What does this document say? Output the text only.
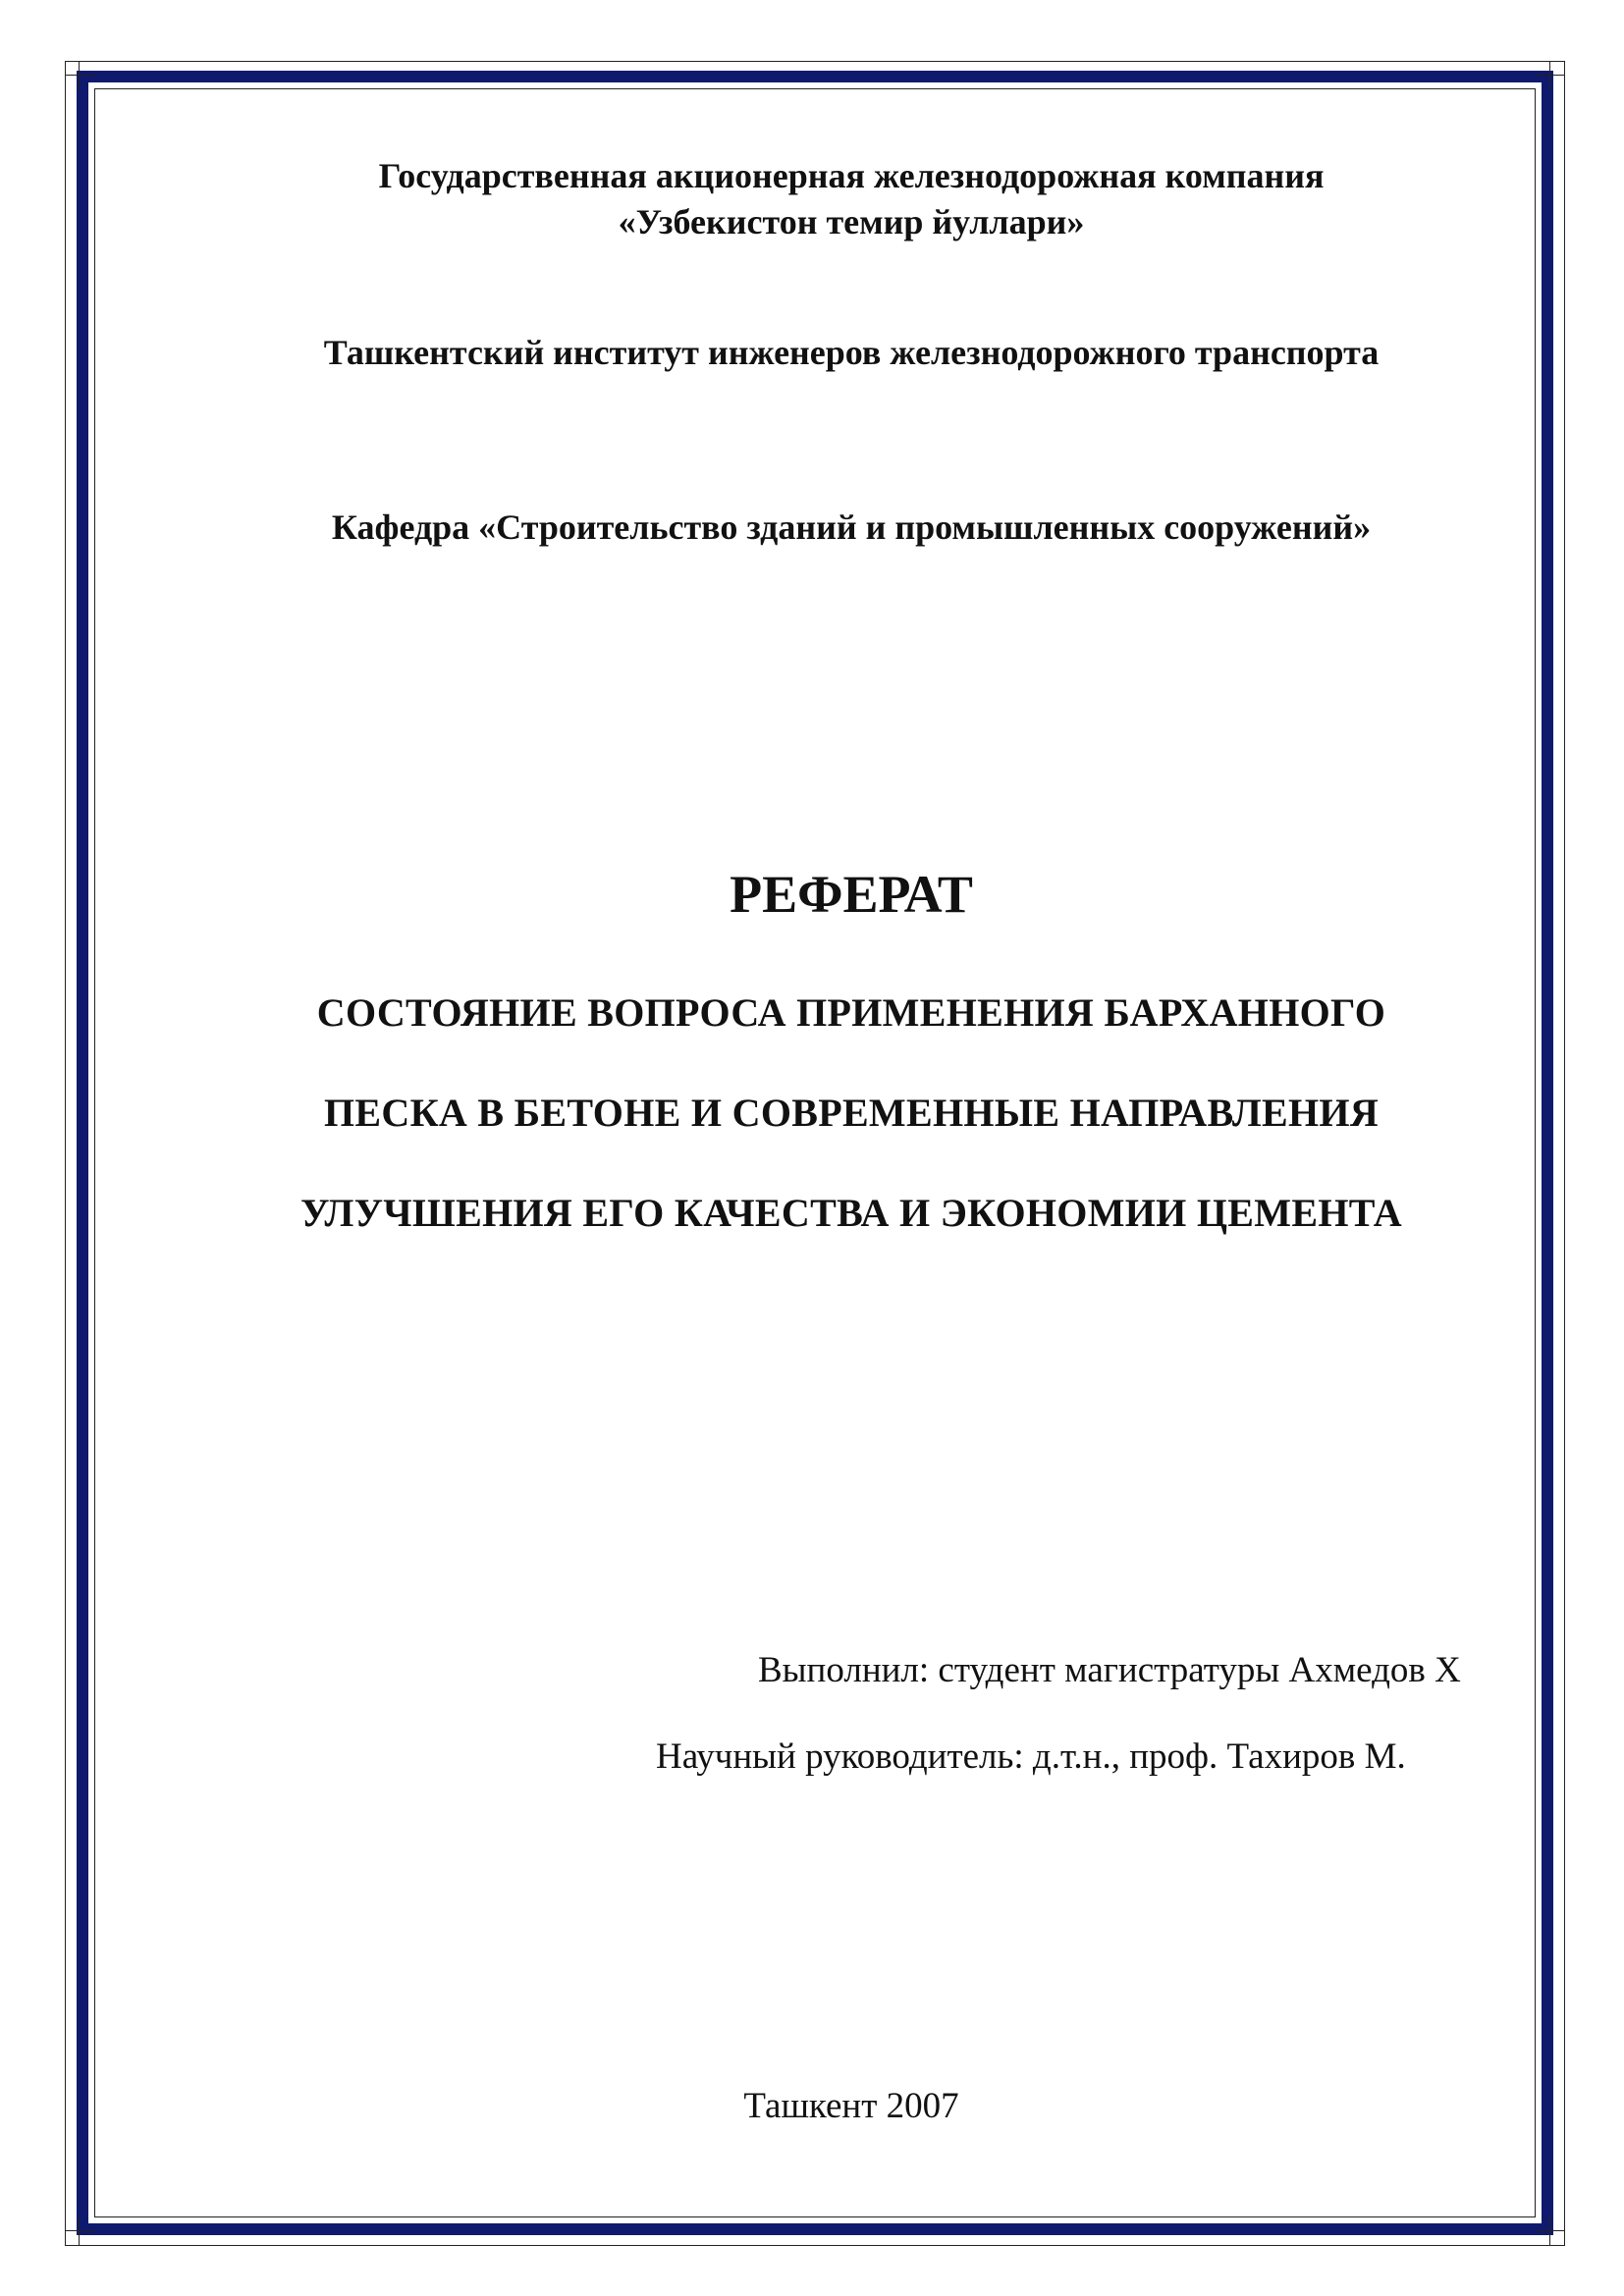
Государственная акционерная железнодорожная компания
«Узбекистон темир йуллари»
Ташкентский институт инженеров железнодорожного транспорта
Кафедра «Строительство зданий и промышленных сооружений»
РЕФЕРАТ
СОСТОЯНИЕ ВОПРОСА ПРИМЕНЕНИЯ БАРХАННОГО
ПЕСКА В БЕТОНЕ И СОВРЕМЕННЫЕ НАПРАВЛЕНИЯ
УЛУЧШЕНИЯ ЕГО КАЧЕСТВА И ЭКОНОМИИ ЦЕМЕНТА
Выполнил: студент магистратуры Ахмедов Х
Научный руководитель: д.т.н., проф. Тахиров М.
Ташкент 2007
